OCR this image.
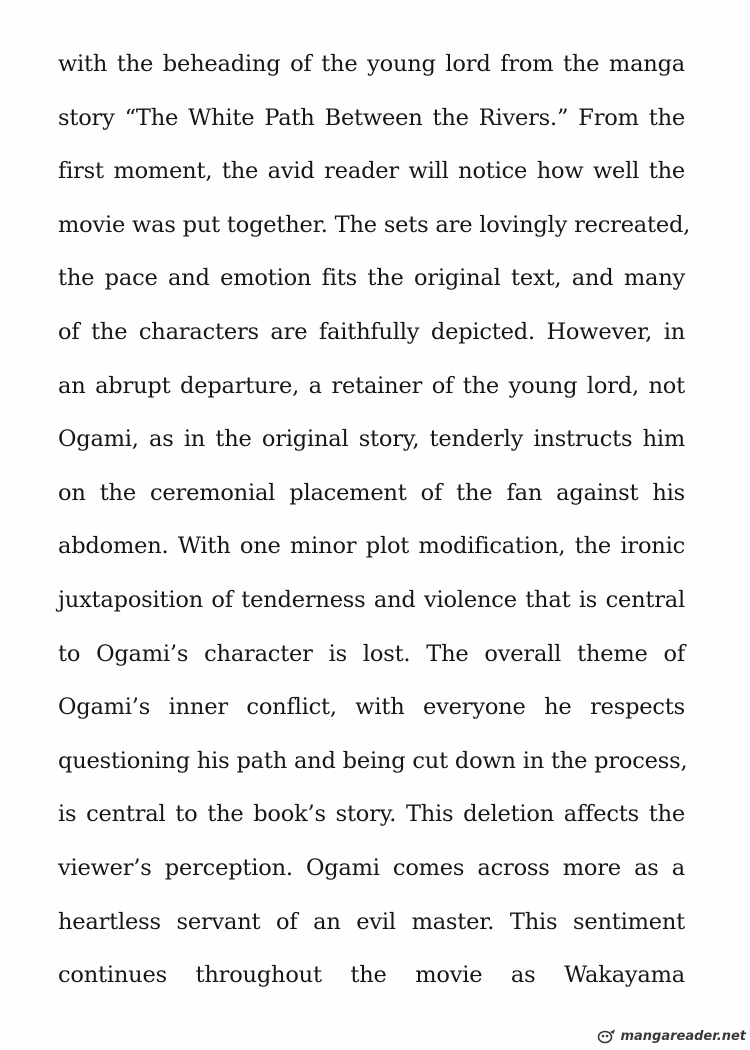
with the beheading of the young lord from the manga
story “The White Path Between the Rivers.” From the
first moment, the avid reader will notice how well the
movie was put together. The sets are lovingly recreated,
the pace and emotion fits the original text, and many
of the characters are faithfully depicted. However, in
an abrupt departure, a retainer of the young lord, not
Ogami, as in the original story, tenderly instructs him
on the ceremonial placement of the fan against his
abdomen. With one minor plot modification, the ironic
juxtaposition of tenderness and violence that is central
to Ogami’s character is lost. The overall theme of
Ogami’s inner conflict, with everyone he respects
questioning his path and being cut down in the process,
is central to the book’s story. This deletion affects the
viewer’s perception. Ogami comes across more as a
heartless servant of an evil master. This sentiment
continues throughout the movie as Wakayama
mangareader.net
